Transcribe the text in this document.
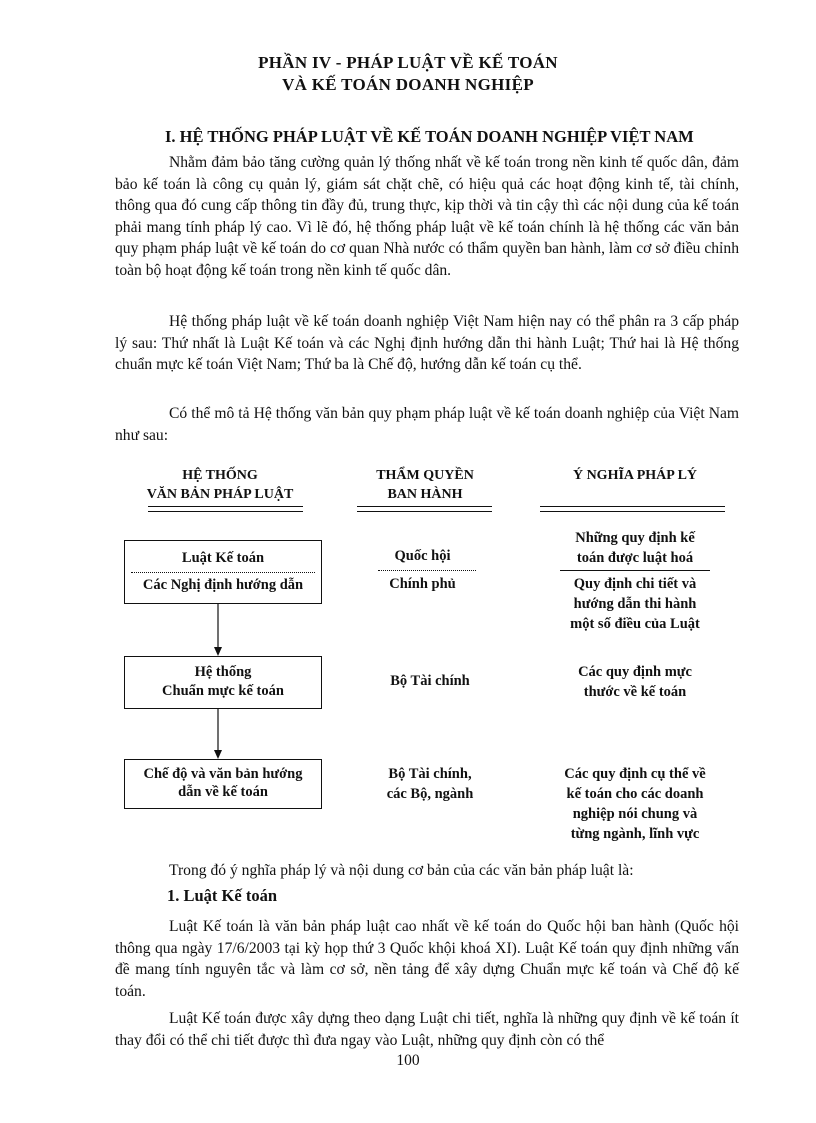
PHẦN IV - PHÁP LUẬT VỀ KẾ TOÁN
VÀ KẾ TOÁN DOANH NGHIỆP
I. HỆ THỐNG PHÁP LUẬT VỀ KẾ TOÁN DOANH NGHIỆP VIỆT NAM

Nhằm đảm bảo tăng cường quản lý thống nhất về kế toán trong nền kinh tế quốc dân, đảm bảo kế toán là công cụ quản lý, giám sát chặt chẽ, có hiệu quả các hoạt động kinh tế, tài chính, thông qua đó cung cấp thông tin đầy đủ, trung thực, kịp thời và tin cậy thì các nội dung của kế toán phải mang tính pháp lý cao. Vì lẽ đó, hệ thống pháp luật về kế toán chính là hệ thống các văn bản quy phạm pháp luật về kế toán do cơ quan Nhà nước có thẩm quyền ban hành, làm cơ sở điều chỉnh toàn bộ hoạt động kế toán trong nền kinh tế quốc dân.

Hệ thống pháp luật về kế toán doanh nghiệp Việt Nam hiện nay có thể phân ra 3 cấp pháp lý sau: Thứ nhất là Luật Kế toán và các Nghị định hướng dẫn thi hành Luật; Thứ hai là Hệ thống chuẩn mực kế toán Việt Nam; Thứ ba là Chế độ, hướng dẫn kế toán cụ thể.

Có thể mô tả Hệ thống văn bản quy phạm pháp luật về kế toán doanh nghiệp của Việt Nam như sau:

HỆ THỐNG
VĂN BẢN PHÁP LUẬT
THẨM QUYỀN
BAN HÀNH
Ý NGHĨA PHÁP LÝ
Luật Kế toán
Các Nghị định hướng dẫn
Quốc hội
Chính phủ
Những quy định kế
toán được luật hoá
Quy định chi tiết và
hướng dẫn thi hành
một số điều của Luật
Hệ thống
Chuẩn mực kế toán
Bộ Tài chính
Các quy định mực
thước về kế toán
Chế độ và văn bản hướng
dẫn về kế toán
Bộ Tài chính,
các Bộ, ngành
Các quy định cụ thể về
kế toán cho các doanh
nghiệp nói chung và
từng ngành, lĩnh vực

Trong đó ý nghĩa pháp lý và nội dung cơ bản của các văn bản pháp luật là:

1. Luật Kế toán

Luật Kế toán là văn bản pháp luật cao nhất về kế toán do Quốc hội ban hành (Quốc hội thông qua ngày 17/6/2003 tại kỳ họp thứ 3 Quốc khội khoá XI). Luật Kế toán quy định những vấn đề mang tính nguyên tắc và làm cơ sở, nền tảng để xây dựng Chuẩn mực kế toán và Chế độ kế toán.

Luật Kế toán được xây dựng theo dạng Luật chi tiết, nghĩa là những quy định về kế toán ít thay đổi có thể chi tiết được thì đưa ngay vào Luật, những quy định còn có thể

100
